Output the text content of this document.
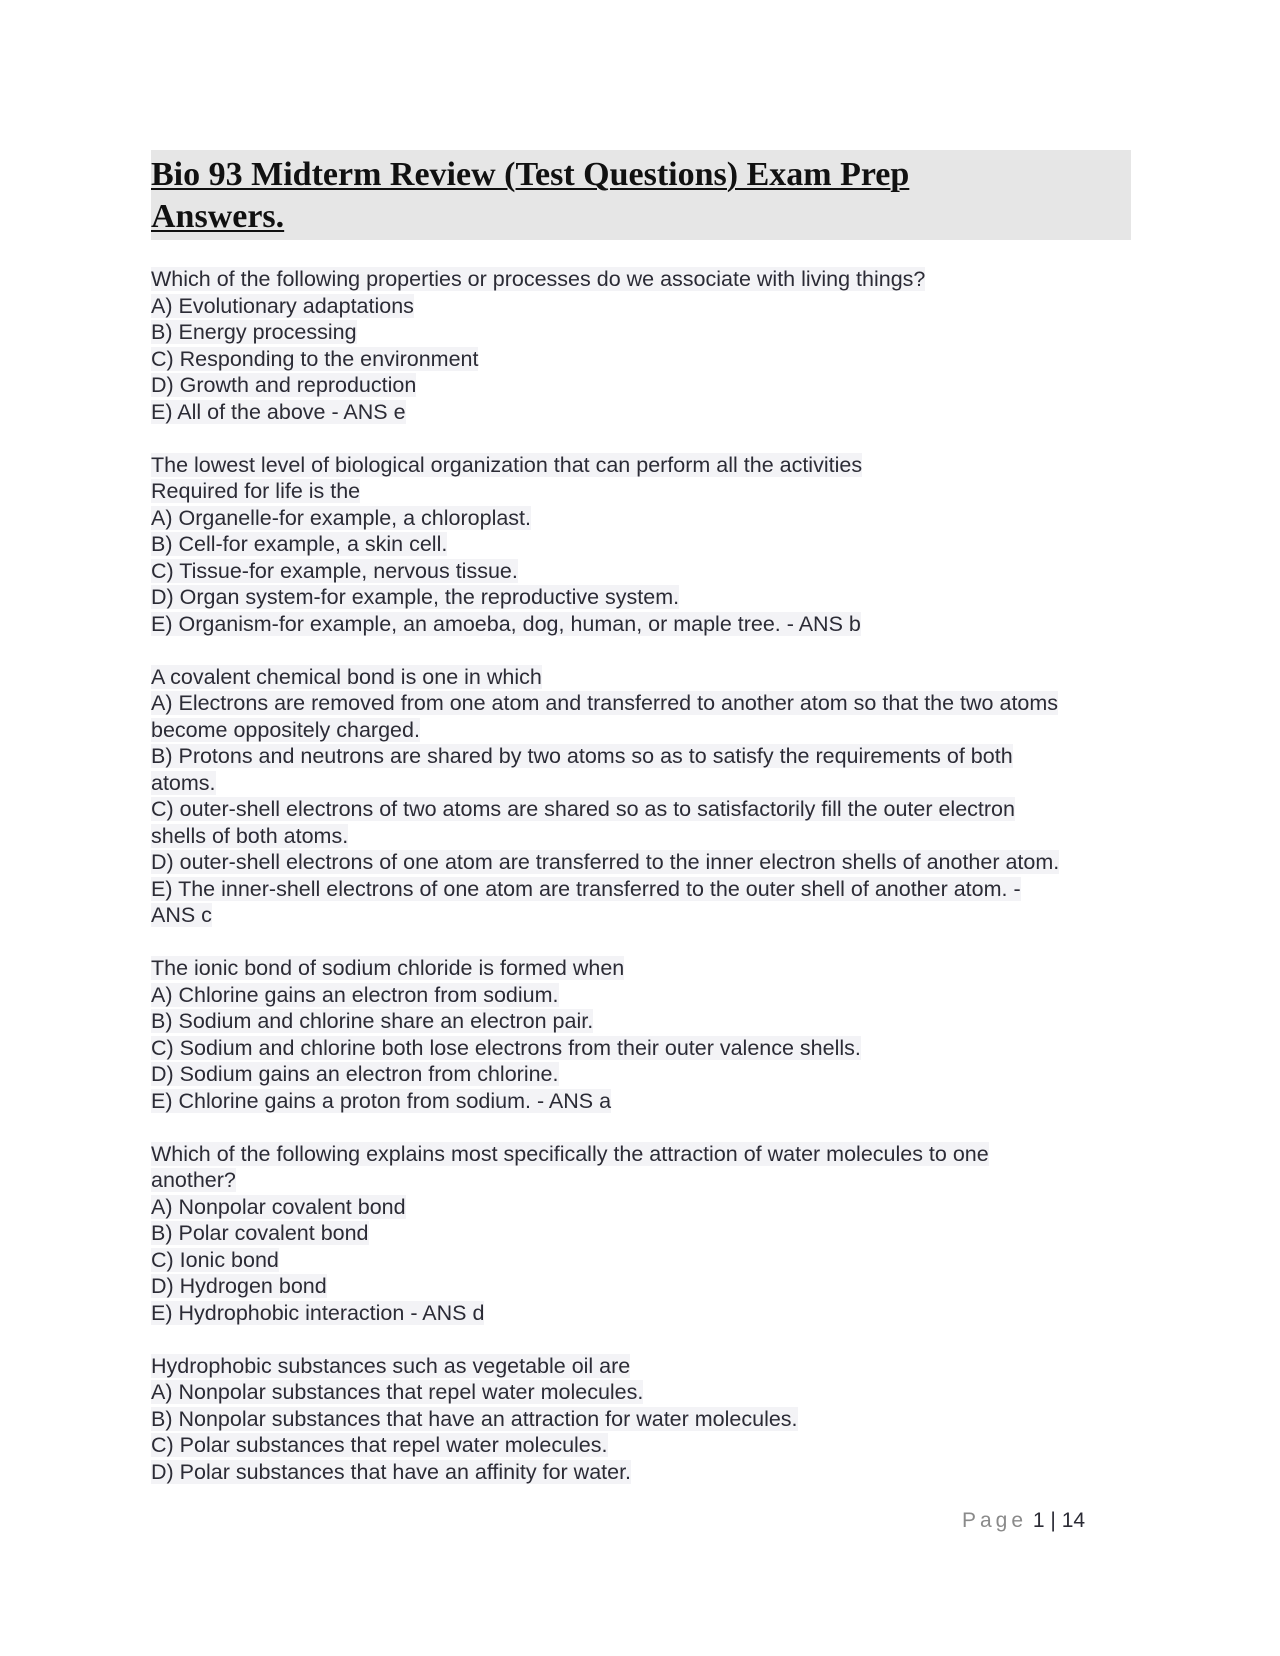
Bio 93 Midterm Review (Test Questions) Exam Prep
Answers.
Which of the following properties or processes do we associate with living things?
A) Evolutionary adaptations
B) Energy processing
C) Responding to the environment
D) Growth and reproduction
E) All of the above - ANS e
The lowest level of biological organization that can perform all the activities
Required for life is the
A) Organelle-for example, a chloroplast.
B) Cell-for example, a skin cell.
C) Tissue-for example, nervous tissue.
D) Organ system-for example, the reproductive system.
E) Organism-for example, an amoeba, dog, human, or maple tree. - ANS b
A covalent chemical bond is one in which
A) Electrons are removed from one atom and transferred to another atom so that the two atoms
become oppositely charged.
B) Protons and neutrons are shared by two atoms so as to satisfy the requirements of both
atoms.
C) outer-shell electrons of two atoms are shared so as to satisfactorily fill the outer electron
shells of both atoms.
D) outer-shell electrons of one atom are transferred to the inner electron shells of another atom.
E) The inner-shell electrons of one atom are transferred to the outer shell of another atom. -
ANS c
The ionic bond of sodium chloride is formed when
A) Chlorine gains an electron from sodium.
B) Sodium and chlorine share an electron pair.
C) Sodium and chlorine both lose electrons from their outer valence shells.
D) Sodium gains an electron from chlorine.
E) Chlorine gains a proton from sodium. - ANS a
Which of the following explains most specifically the attraction of water molecules to one
another?
A) Nonpolar covalent bond
B) Polar covalent bond
C) Ionic bond
D) Hydrogen bond
E) Hydrophobic interaction - ANS d
Hydrophobic substances such as vegetable oil are
A) Nonpolar substances that repel water molecules.
B) Nonpolar substances that have an attraction for water molecules.
C) Polar substances that repel water molecules.
D) Polar substances that have an affinity for water.
Page 1 | 14
